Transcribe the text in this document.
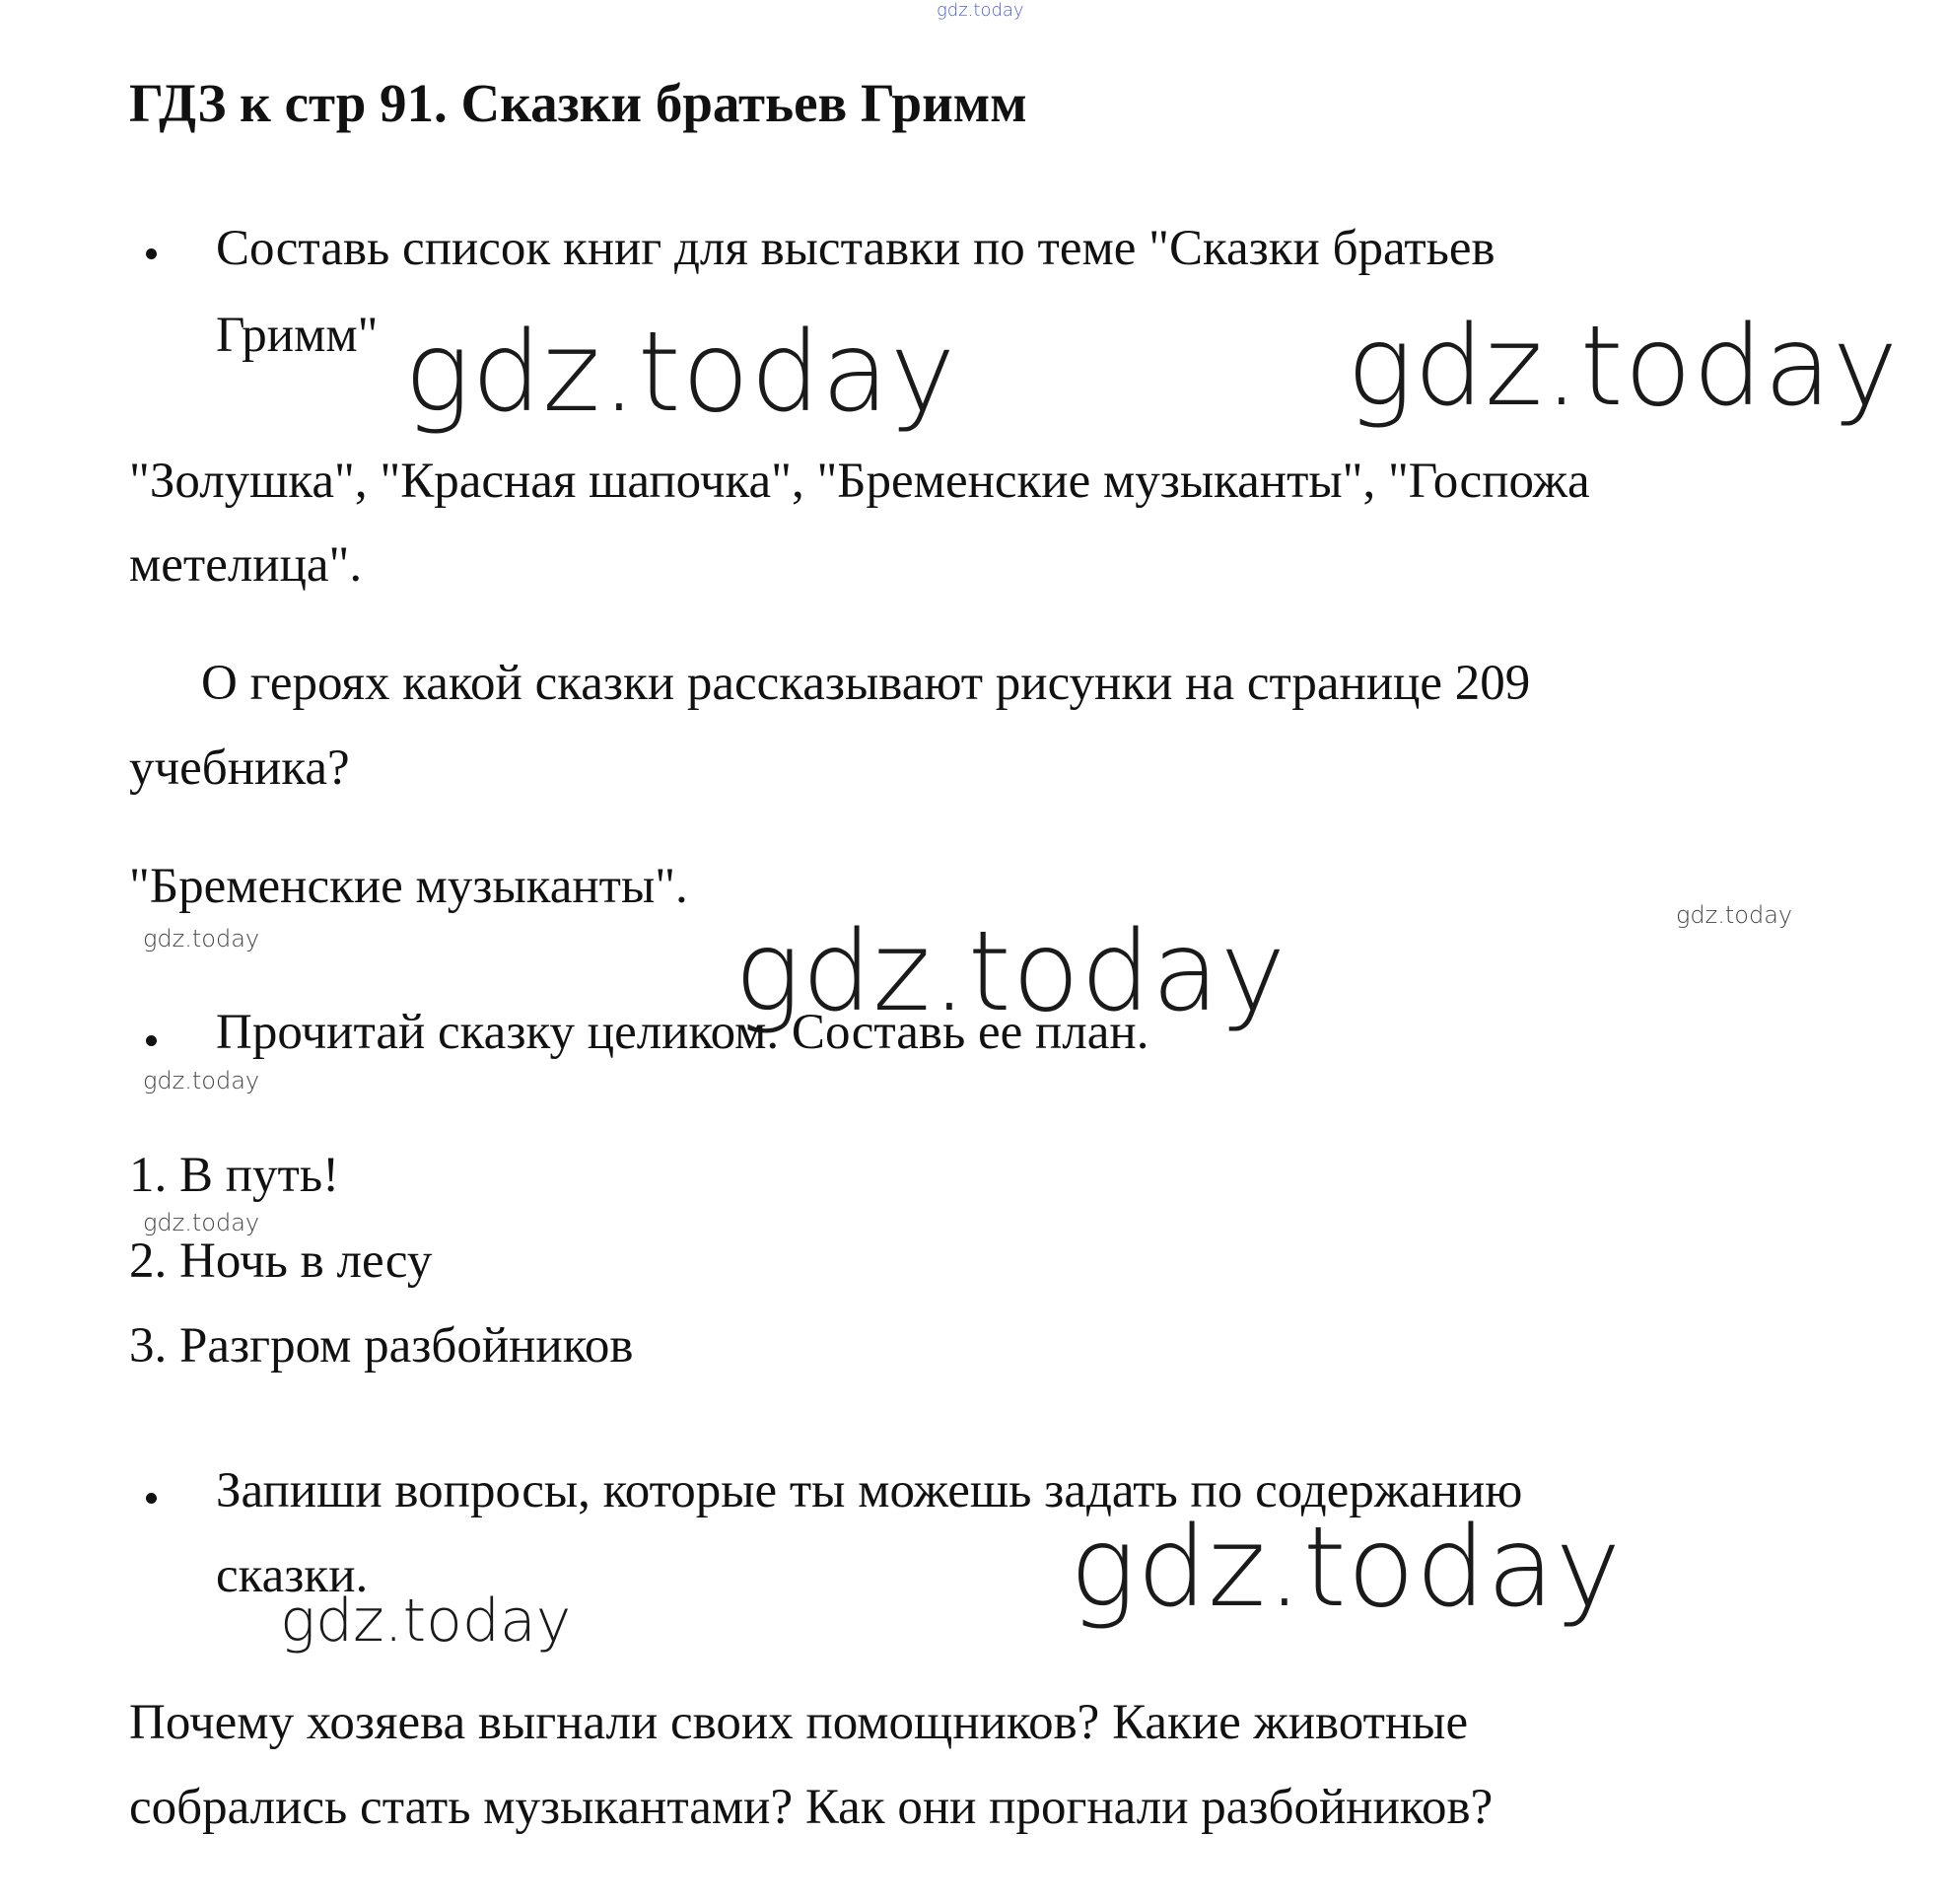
gdz.today
ГДЗ к стр 91. Сказки братьев Гримм
Составь список книг для выставки по теме "Сказки братьев
Гримм" gdz.today	gdz.today
"Золушка", "Красная шапочка", "Бременские музыканты", "Госпожа
метелица".
О героях какой сказки рассказывают рисунки на странице 209
учебника?
"Бременские музыканты".
gdz.today
gdz.today	gdz.today
Прочитай сказку целиком. Составь ее план.
gdz.today
1. В путь!
gdz.today
2. Ночь в лесу
3. Разгром разбойников
Запиши вопросы, которые ты можешь задать по содержанию
сказки.	gdz.today
gdz.today
Почему хозяева выгнали своих помощников? Какие животные
собрались стать музыкантами? Как они прогнали разбойников?
